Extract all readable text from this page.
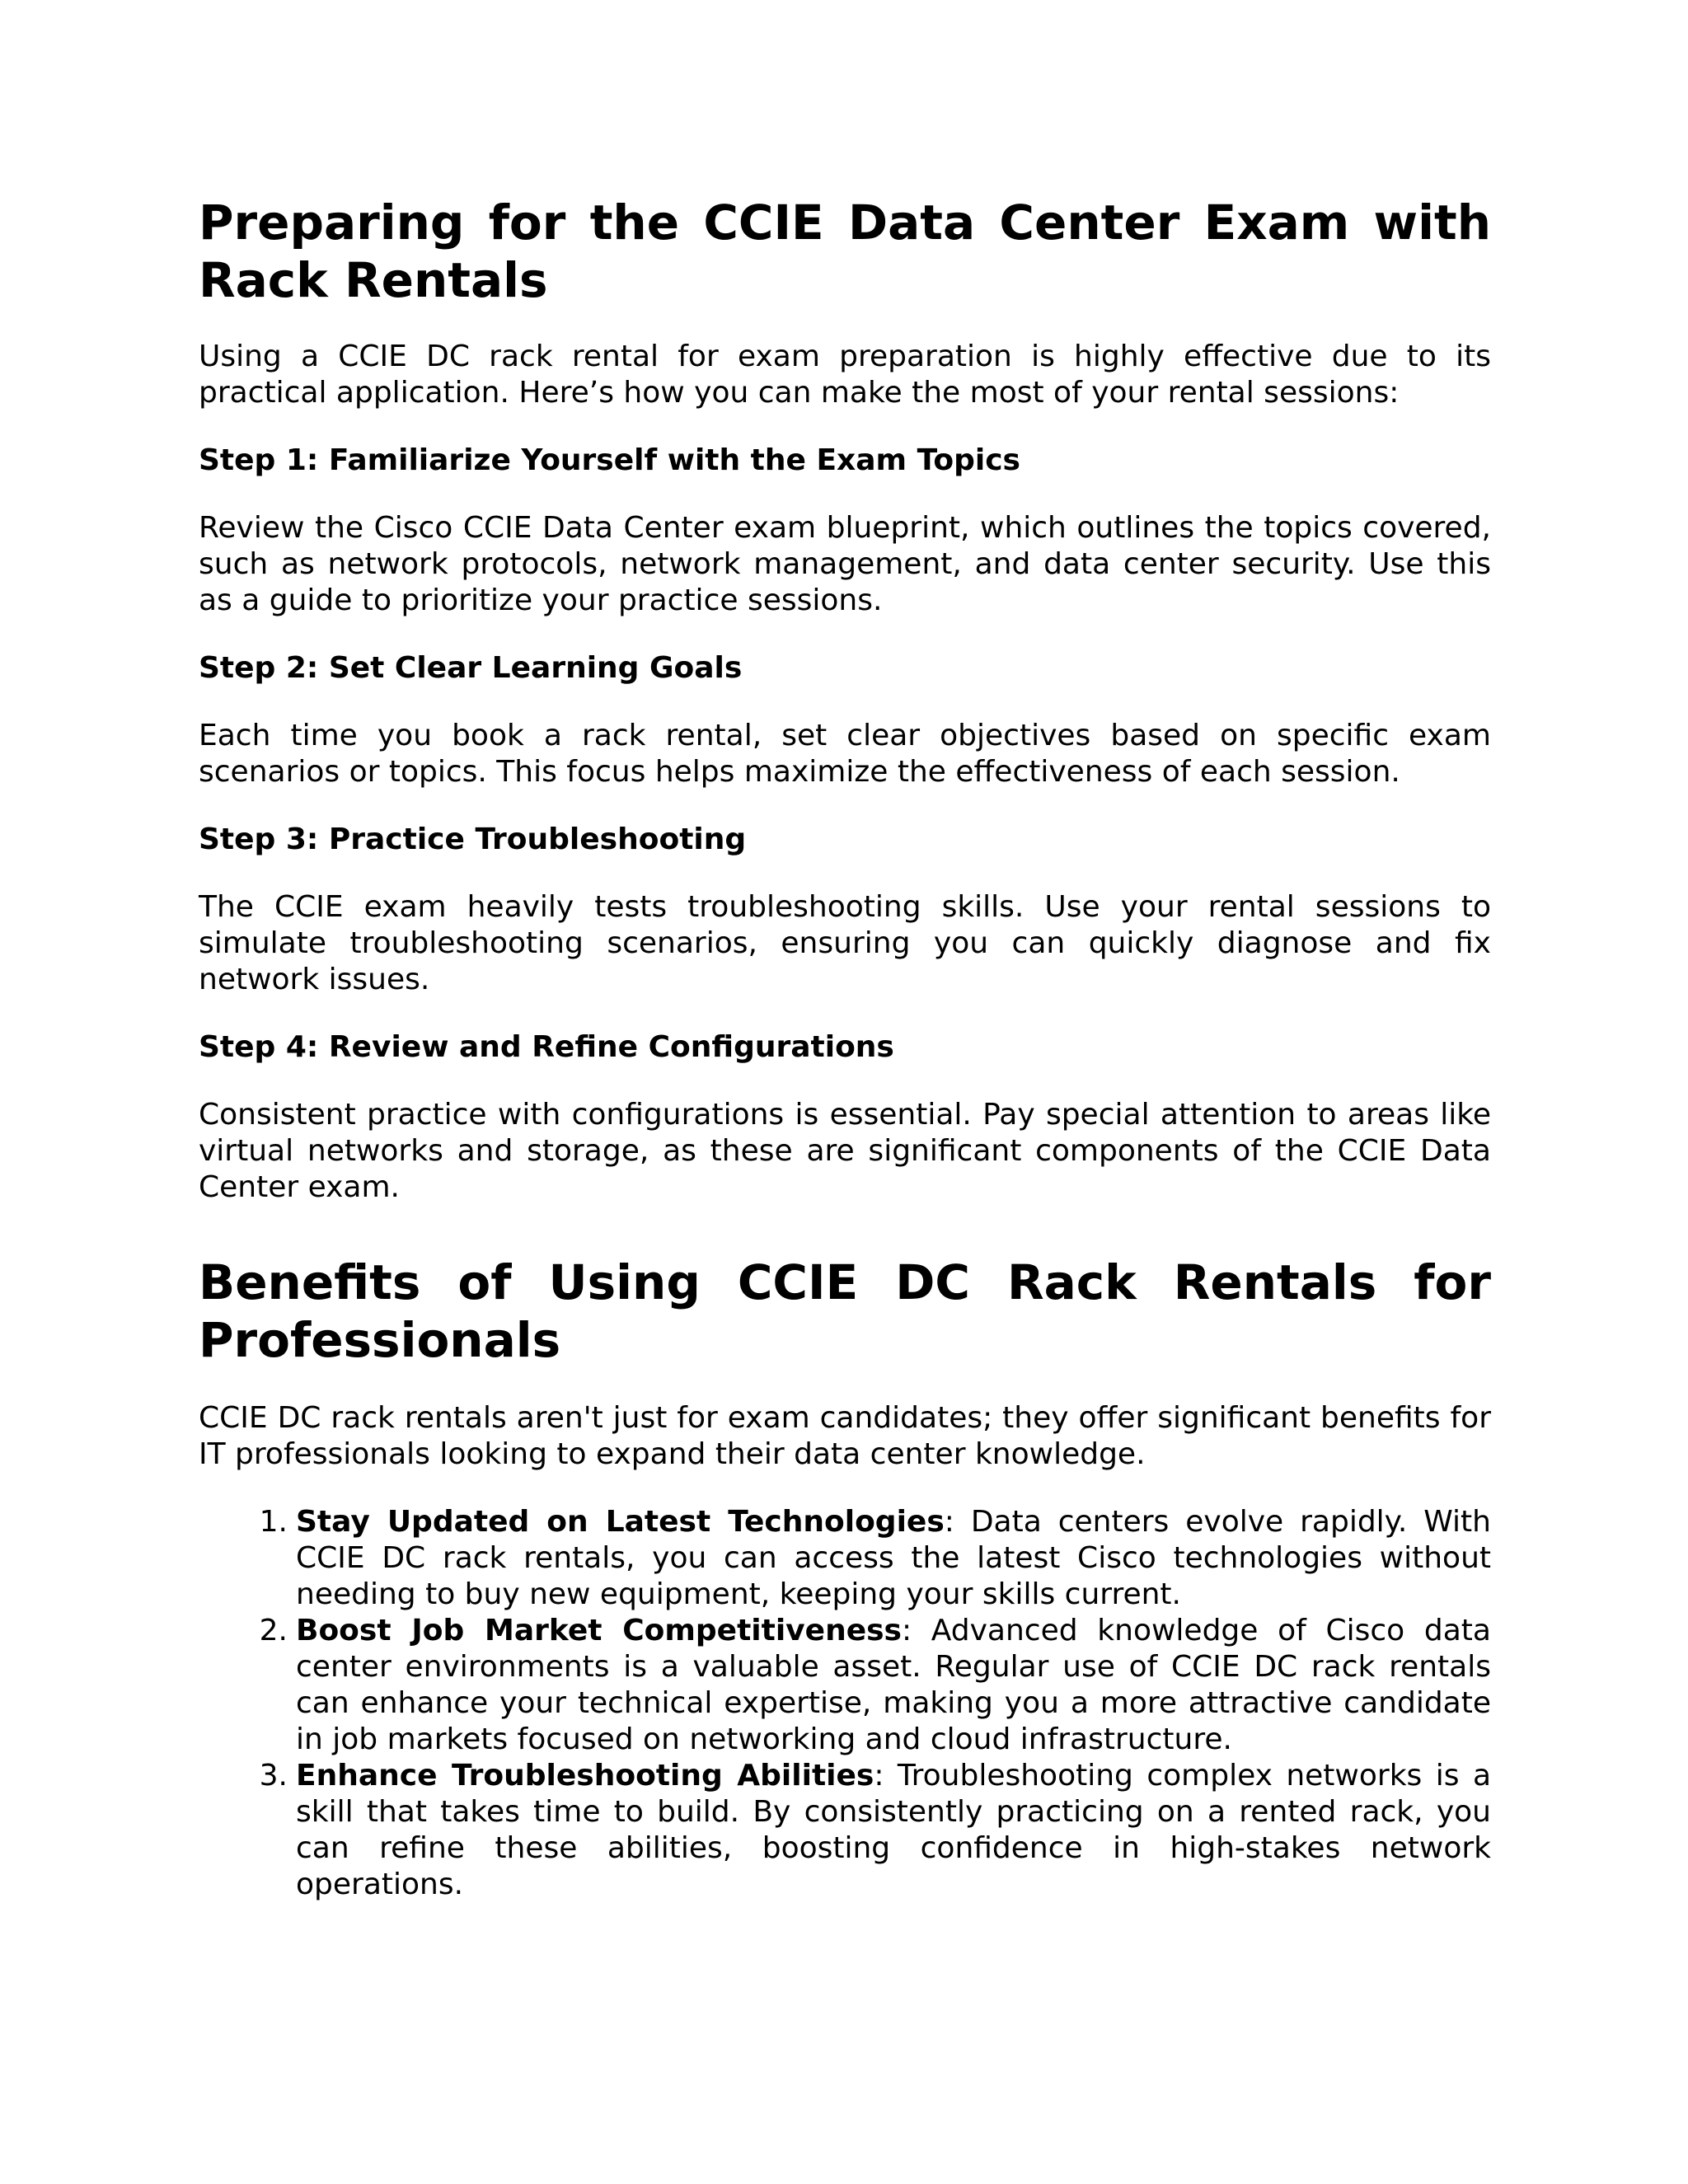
Preparing for the CCIE Data Center Exam with Rack Rentals

Using a CCIE DC rack rental for exam preparation is highly effective due to its practical application. Here’s how you can make the most of your rental sessions:

Step 1: Familiarize Yourself with the Exam Topics

Review the Cisco CCIE Data Center exam blueprint, which outlines the topics covered, such as network protocols, network management, and data center security. Use this as a guide to prioritize your practice sessions.

Step 2: Set Clear Learning Goals

Each time you book a rack rental, set clear objectives based on specific exam scenarios or topics. This focus helps maximize the effectiveness of each session.

Step 3: Practice Troubleshooting

The CCIE exam heavily tests troubleshooting skills. Use your rental sessions to simulate troubleshooting scenarios, ensuring you can quickly diagnose and fix network issues.

Step 4: Review and Refine Configurations

Consistent practice with configurations is essential. Pay special attention to areas like virtual networks and storage, as these are significant components of the CCIE Data Center exam.

Benefits of Using CCIE DC Rack Rentals for Professionals

CCIE DC rack rentals aren't just for exam candidates; they offer significant benefits for IT professionals looking to expand their data center knowledge.

1. Stay Updated on Latest Technologies: Data centers evolve rapidly. With CCIE DC rack rentals, you can access the latest Cisco technologies without needing to buy new equipment, keeping your skills current.
2. Boost Job Market Competitiveness: Advanced knowledge of Cisco data center environments is a valuable asset. Regular use of CCIE DC rack rentals can enhance your technical expertise, making you a more attractive candidate in job markets focused on networking and cloud infrastructure.
3. Enhance Troubleshooting Abilities: Troubleshooting complex networks is a skill that takes time to build. By consistently practicing on a rented rack, you can refine these abilities, boosting confidence in high-stakes network operations.
